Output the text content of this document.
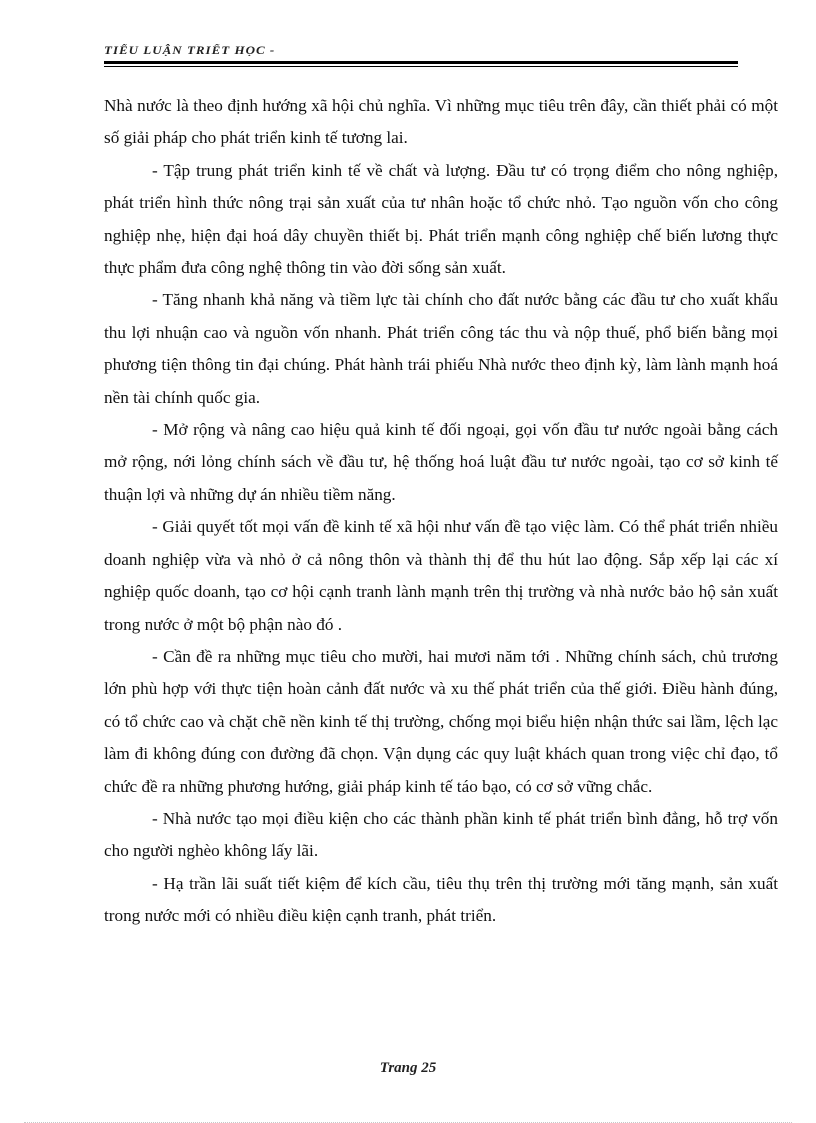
TIỂU LUẬN TRIẾT HỌC -

Nhà nước là theo định hướng xã hội chủ nghĩa. Vì những mục tiêu trên đây, cần thiết phải có một số giải pháp cho phát triển kinh tế tương lai.

- Tập trung phát triển kinh tế về chất và lượng. Đầu tư có trọng điểm cho nông nghiệp, phát triển hình thức nông trại sản xuất của tư nhân hoặc tổ chức nhỏ. Tạo nguồn vốn cho công nghiệp nhẹ, hiện đại hoá dây chuyền thiết bị. Phát triển mạnh công nghiệp chế biến lương thực thực phẩm đưa công nghệ thông tin vào đời sống sản xuất.

- Tăng nhanh khả năng và tiềm lực tài chính cho đất nước bằng các đầu tư cho xuất khẩu thu lợi nhuận cao và nguồn vốn nhanh. Phát triển công tác thu và nộp thuế, phổ biến bằng mọi phương tiện thông tin đại chúng. Phát hành trái phiếu Nhà nước theo định kỳ, làm lành mạnh hoá nền tài chính quốc gia.

- Mở rộng và nâng cao hiệu quả kinh tế đối ngoại, gọi vốn đầu tư nước ngoài bằng cách mở rộng, nới lỏng chính sách về đầu tư, hệ thống hoá luật đầu tư nước ngoài, tạo cơ sở kinh tế thuận lợi và những dự án nhiều tiềm năng.

- Giải quyết tốt mọi vấn đề kinh tế xã hội như vấn đề tạo việc làm. Có thể phát triển nhiều doanh nghiệp vừa và nhỏ ở cả nông thôn và thành thị để thu hút lao động. Sắp xếp lại các xí nghiệp quốc doanh, tạo cơ hội cạnh tranh lành mạnh trên thị trường và nhà nước bảo hộ sản xuất trong nước ở một bộ phận nào đó .

- Cần đề ra những mục tiêu cho mười, hai mươi năm tới . Những chính sách, chủ trương lớn phù hợp với thực tiện hoàn cảnh đất nước và xu thế phát triển của thế giới. Điều hành đúng, có tổ chức cao và chặt chẽ nền kinh tế thị trường, chống mọi biểu hiện nhận thức sai lầm, lệch lạc làm đi không đúng con đường đã chọn. Vận dụng các quy luật khách quan trong việc chỉ đạo, tổ chức đề ra những phương hướng, giải pháp kinh tế táo bạo, có cơ sở vững chắc.

- Nhà nước tạo mọi điều kiện cho các thành phần kinh tế phát triển bình đẳng, hỗ trợ vốn cho người nghèo không lấy lãi.

- Hạ trần lãi suất tiết kiệm để kích cầu, tiêu thụ trên thị trường mới tăng mạnh, sản xuất trong nước mới có nhiều điều kiện cạnh tranh, phát triển.

Trang 25
